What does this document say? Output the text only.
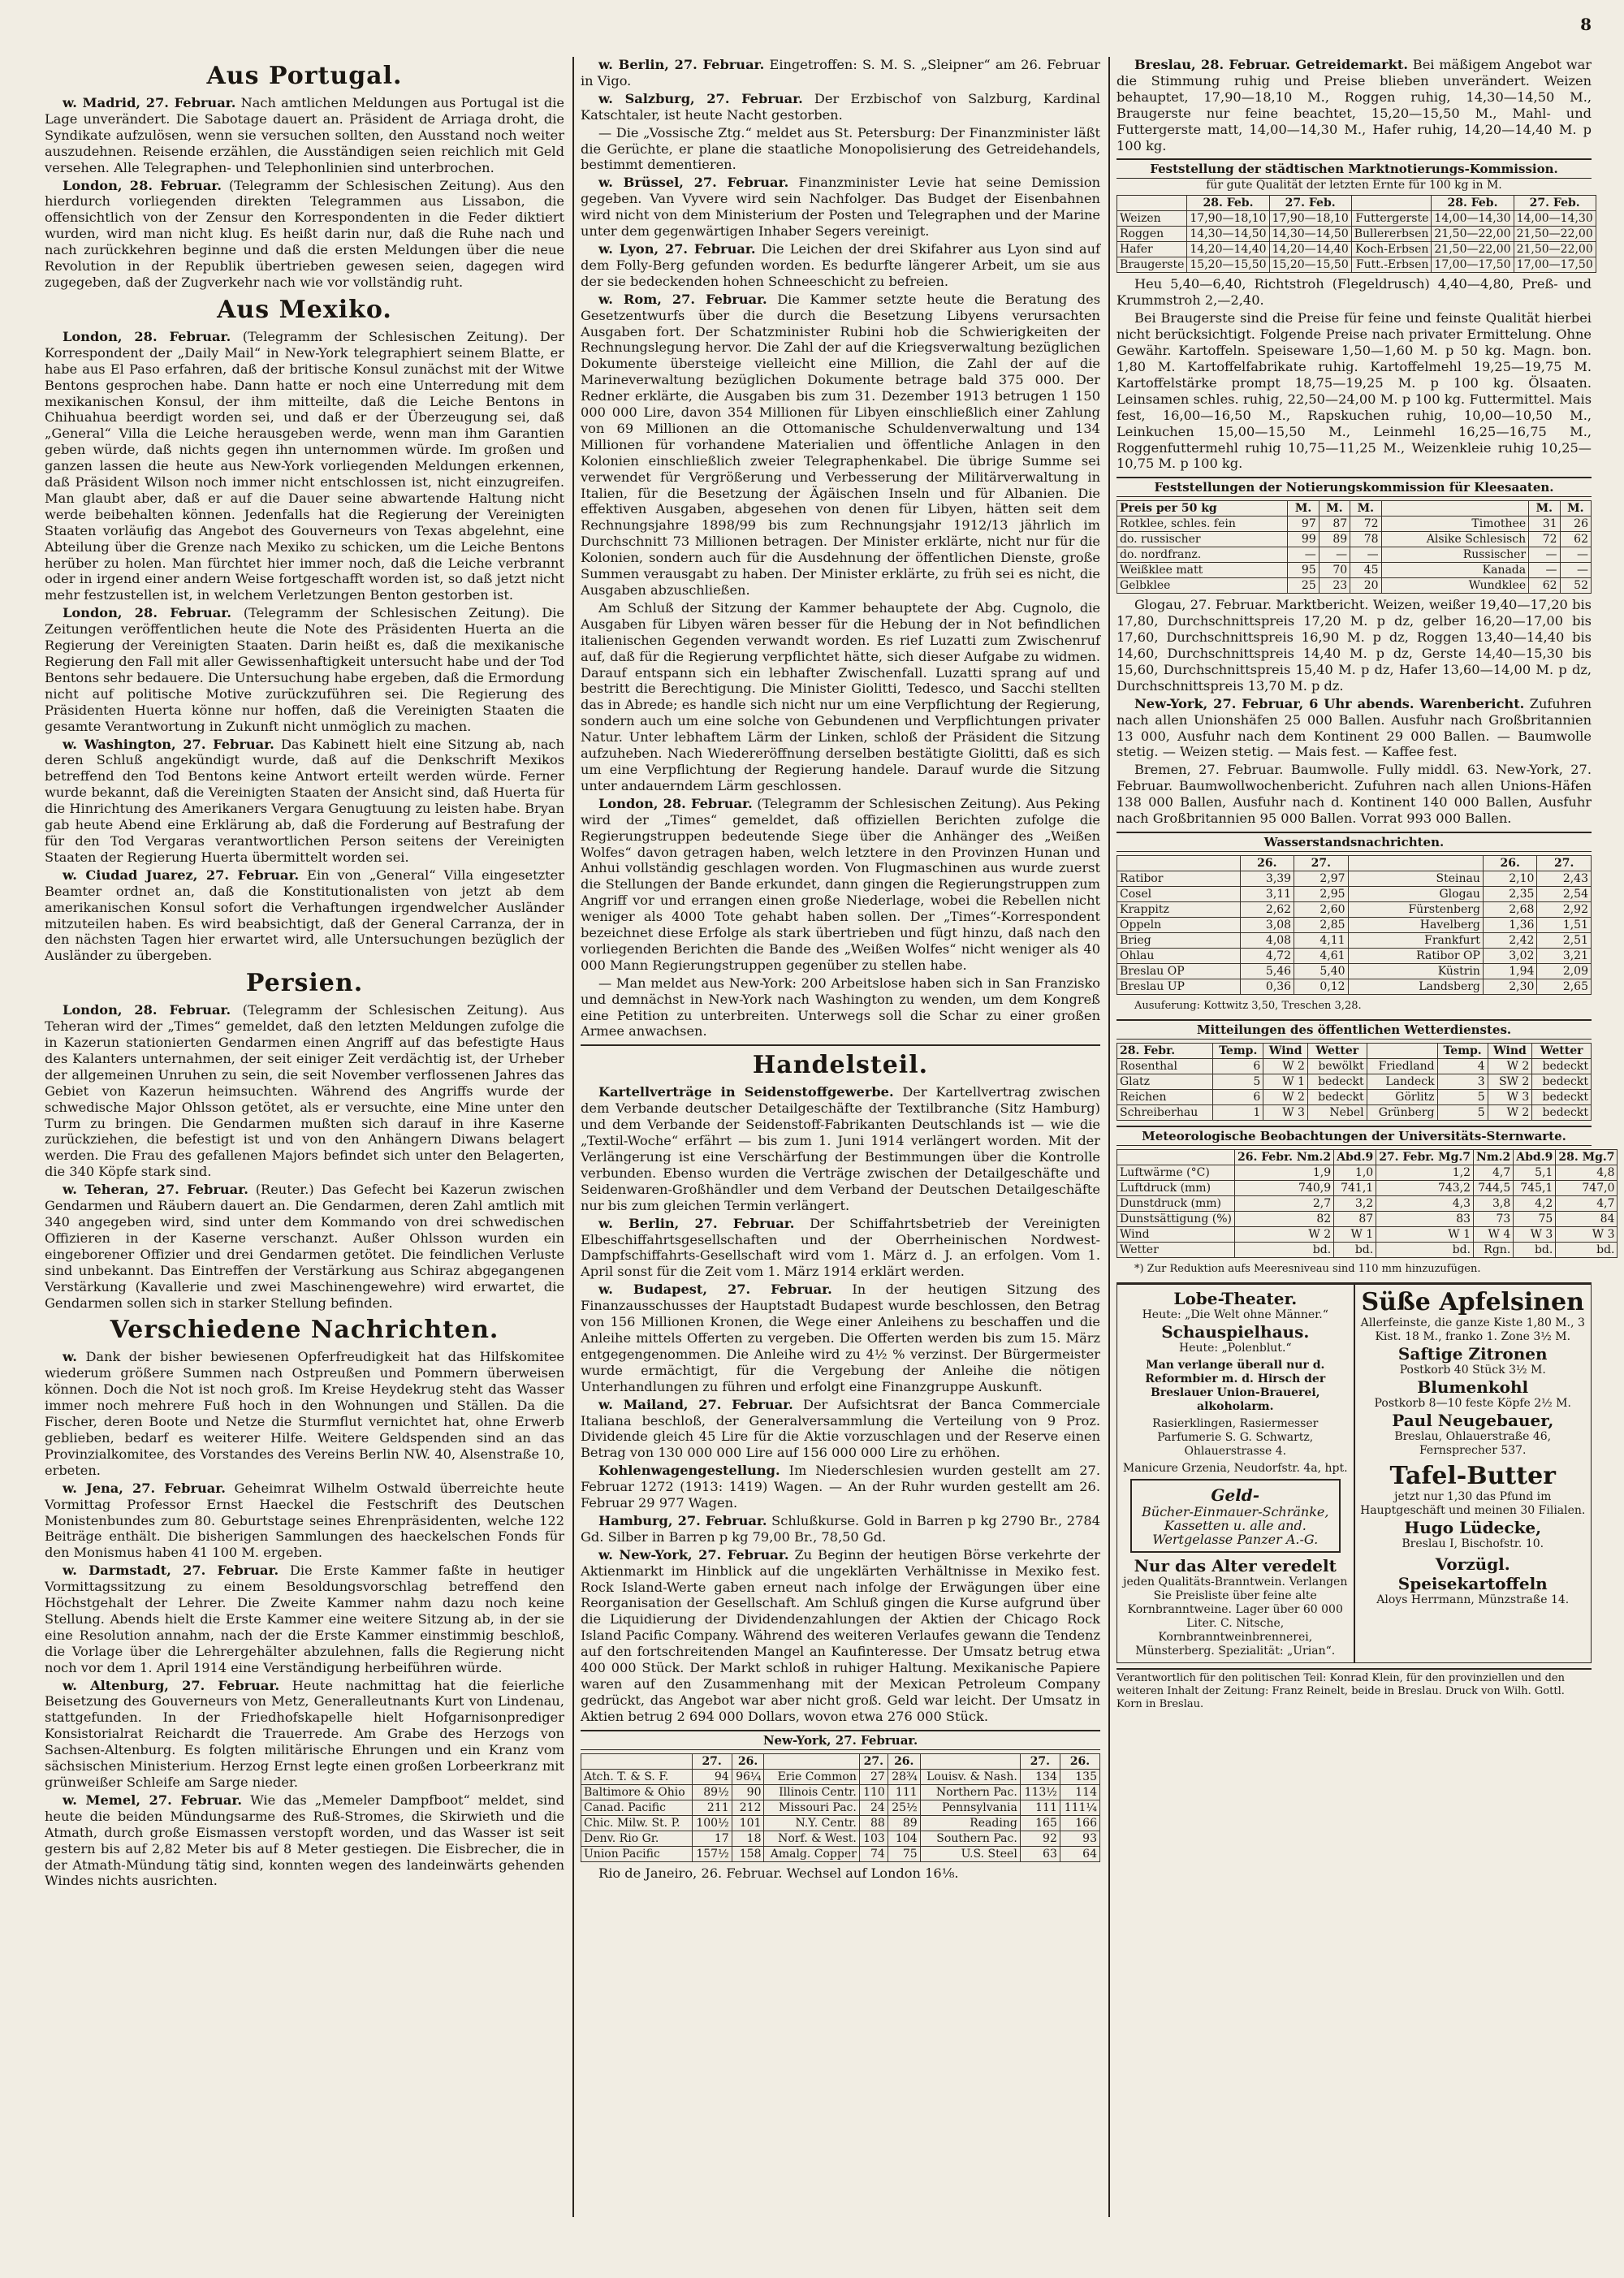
8
Aus Portugal.

w. Madrid, 27. Februar. Nach amtlichen Meldungen aus Portugal ist die Lage unverändert. Die Sabotage dauert an. Präsident de Arriaga droht, die Syndikate aufzulösen, wenn sie versuchen sollten, den Ausstand noch weiter auszudehnen. Reisende erzählen, die Ausständigen seien reichlich mit Geld versehen. Alle Telegraphen- und Telephonlinien sind unterbrochen.

London, 28. Februar. (Telegramm der Schlesischen Zeitung). Aus den hierdurch vorliegenden direkten Telegrammen aus Lissabon, die offensichtlich von der Zensur den Korrespondenten in die Feder diktiert wurden, wird man nicht klug. Es heißt darin nur, daß die Ruhe nach und nach zurückkehren beginne und daß die ersten Meldungen über die neue Revolution in der Republik übertrieben gewesen seien, dagegen wird zugegeben, daß der Zugverkehr nach wie vor vollständig ruht.

Aus Mexiko.

London, 28. Februar. (Telegramm der Schlesischen Zeitung). Der Korrespondent der „Daily Mail“ in New-York telegraphiert seinem Blatte, er habe aus El Paso erfahren, daß der britische Konsul zunächst mit der Witwe Bentons gesprochen habe. Dann hatte er noch eine Unterredung mit dem mexikanischen Konsul, der ihm mitteilte, daß die Leiche Bentons in Chihuahua beerdigt worden sei, und daß er der Überzeugung sei, daß „General“ Villa die Leiche herausgeben werde, wenn man ihm Garantien geben würde, daß nichts gegen ihn unternommen würde. Im großen und ganzen lassen die heute aus New-York vorliegenden Meldungen erkennen, daß Präsident Wilson noch immer nicht entschlossen ist, nicht einzugreifen. Man glaubt aber, daß er auf die Dauer seine abwartende Haltung nicht werde beibehalten können. Jedenfalls hat die Regierung der Vereinigten Staaten vorläufig das Angebot des Gouverneurs von Texas abgelehnt, eine Abteilung über die Grenze nach Mexiko zu schicken, um die Leiche Bentons herüber zu holen. Man fürchtet hier immer noch, daß die Leiche verbrannt oder in irgend einer andern Weise fortgeschafft worden ist, so daß jetzt nicht mehr festzustellen ist, in welchem Verletzungen Benton gestorben ist.

London, 28. Februar. (Telegramm der Schlesischen Zeitung). Die Zeitungen veröffentlichen heute die Note des Präsidenten Huerta an die Regierung der Vereinigten Staaten. Darin heißt es, daß die mexikanische Regierung den Fall mit aller Gewissenhaftigkeit untersucht habe und der Tod Bentons sehr bedauere. Die Untersuchung habe ergeben, daß die Ermordung nicht auf politische Motive zurückzuführen sei. Die Regierung des Präsidenten Huerta könne nur hoffen, daß die Vereinigten Staaten die gesamte Verantwortung in Zukunft nicht unmöglich zu machen.

w. Washington, 27. Februar. Das Kabinett hielt eine Sitzung ab, nach deren Schluß angekündigt wurde, daß auf die Denkschrift Mexikos betreffend den Tod Bentons keine Antwort erteilt werden würde. Ferner wurde bekannt, daß die Vereinigten Staaten der Ansicht sind, daß Huerta für die Hinrichtung des Amerikaners Vergara Genugtuung zu leisten habe. Bryan gab heute Abend eine Erklärung ab, daß die Forderung auf Bestrafung der für den Tod Vergaras verantwortlichen Person seitens der Vereinigten Staaten der Regierung Huerta übermittelt worden sei.

w. Ciudad Juarez, 27. Februar. Ein von „General“ Villa eingesetzter Beamter ordnet an, daß die Konstitutionalisten von jetzt ab dem amerikanischen Konsul sofort die Verhaftungen irgendwelcher Ausländer mitzuteilen haben. Es wird beabsichtigt, daß der General Carranza, der in den nächsten Tagen hier erwartet wird, alle Untersuchungen bezüglich der Ausländer zu übergeben.

Persien.

London, 28. Februar. (Telegramm der Schlesischen Zeitung). Aus Teheran wird der „Times“ gemeldet, daß den letzten Meldungen zufolge die in Kazerun stationierten Gendarmen einen Angriff auf das befestigte Haus des Kalanters unternahmen, der seit einiger Zeit verdächtig ist, der Urheber der allgemeinen Unruhen zu sein, die seit November verflossenen Jahres das Gebiet von Kazerun heimsuchten. Während des Angriffs wurde der schwedische Major Ohlsson getötet, als er versuchte, eine Mine unter den Turm zu bringen. Die Gendarmen mußten sich darauf in ihre Kaserne zurückziehen, die befestigt ist und von den Anhängern Diwans belagert werden. Die Frau des gefallenen Majors befindet sich unter den Belagerten, die 340 Köpfe stark sind.

w. Teheran, 27. Februar. (Reuter.) Das Gefecht bei Kazerun zwischen Gendarmen und Räubern dauert an. Die Gendarmen, deren Zahl amtlich mit 340 angegeben wird, sind unter dem Kommando von drei schwedischen Offizieren in der Kaserne verschanzt. Außer Ohlsson wurden ein eingeborener Offizier und drei Gendarmen getötet. Die feindlichen Verluste sind unbekannt. Das Eintreffen der Verstärkung aus Schiraz abgegangenen Verstärkung (Kavallerie und zwei Maschinengewehre) wird erwartet, die Gendarmen sollen sich in starker Stellung befinden.

Verschiedene Nachrichten.

w. Dank der bisher bewiesenen Opferfreudigkeit hat das Hilfskomitee wiederum größere Summen nach Ostpreußen und Pommern überweisen können. Doch die Not ist noch groß. Im Kreise Heydekrug steht das Wasser immer noch mehrere Fuß hoch in den Wohnungen und Ställen. Da die Fischer, deren Boote und Netze die Sturmflut vernichtet hat, ohne Erwerb geblieben, bedarf es weiterer Hilfe. Weitere Geldspenden sind an das Provinzialkomitee, des Vorstandes des Vereins Berlin NW. 40, Alsenstraße 10, erbeten.

w. Jena, 27. Februar. Geheimrat Wilhelm Ostwald überreichte heute Vormittag Professor Ernst Haeckel die Festschrift des Deutschen Monistenbundes zum 80. Geburtstage seines Ehrenpräsidenten, welche 122 Beiträge enthält. Die bisherigen Sammlungen des haeckelschen Fonds für den Monismus haben 41 100 M. ergeben.

w. Darmstadt, 27. Februar. Die Erste Kammer faßte in heutiger Vormittagssitzung zu einem Besoldungsvorschlag betreffend den Höchstgehalt der Lehrer. Die Zweite Kammer nahm dazu noch keine Stellung. Abends hielt die Erste Kammer eine weitere Sitzung ab, in der sie eine Resolution annahm, nach der die Erste Kammer einstimmig beschloß, die Vorlage über die Lehrergehälter abzulehnen, falls die Regierung nicht noch vor dem 1. April 1914 eine Verständigung herbeiführen würde.

w. Altenburg, 27. Februar. Heute nachmittag hat die feierliche Beisetzung des Gouverneurs von Metz, Generalleutnants Kurt von Lindenau, stattgefunden. In der Friedhofskapelle hielt Hofgarnisonprediger Konsistorialrat Reichardt die Trauerrede. Am Grabe des Herzogs von Sachsen-Altenburg. Es folgten militärische Ehrungen und ein Kranz vom sächsischen Ministerium. Herzog Ernst legte einen großen Lorbeerkranz mit grünweißer Schleife am Sarge nieder.

w. Memel, 27. Februar. Wie das „Memeler Dampfboot“ meldet, sind heute die beiden Mündungsarme des Ruß-Stromes, die Skirwieth und die Atmath, durch große Eismassen verstopft worden, und das Wasser ist seit gestern bis auf 2,82 Meter bis auf 8 Meter gestiegen. Die Eisbrecher, die in der Atmath-Mündung tätig sind, konnten wegen des landeinwärts gehenden Windes nichts ausrichten.

w. Berlin, 27. Februar. Eingetroffen: S. M. S. „Sleipner“ am 26. Februar in Vigo.

w. Salzburg, 27. Februar. Der Erzbischof von Salzburg, Kardinal Katschtaler, ist heute Nacht gestorben.

— Die „Vossische Ztg.“ meldet aus St. Petersburg: Der Finanzminister läßt die Gerüchte, er plane die staatliche Monopolisierung des Getreidehandels, bestimmt dementieren.

w. Brüssel, 27. Februar. Finanzminister Levie hat seine Demission gegeben. Van Vyvere wird sein Nachfolger. Das Budget der Eisenbahnen wird nicht von dem Ministerium der Posten und Telegraphen und der Marine unter dem gegenwärtigen Inhaber Segers vereinigt.

w. Lyon, 27. Februar. Die Leichen der drei Skifahrer aus Lyon sind auf dem Folly-Berg gefunden worden. Es bedurfte längerer Arbeit, um sie aus der sie bedeckenden hohen Schneeschicht zu befreien.

w. Rom, 27. Februar. Die Kammer setzte heute die Beratung des Gesetzentwurfs über die durch die Besetzung Libyens verursachten Ausgaben fort. Der Schatzminister Rubini hob die Schwierigkeiten der Rechnungslegung hervor. Die Zahl der auf die Kriegsverwaltung bezüglichen Dokumente übersteige vielleicht eine Million, die Zahl der auf die Marineverwaltung bezüglichen Dokumente betrage bald 375 000. Der Redner erklärte, die Ausgaben bis zum 31. Dezember 1913 betrugen 1 150 000 000 Lire, davon 354 Millionen für Libyen einschließlich einer Zahlung von 69 Millionen an die Ottomanische Schuldenverwaltung und 134 Millionen für vorhandene Materialien und öffentliche Anlagen in den Kolonien einschließlich zweier Telegraphenkabel. Die übrige Summe sei verwendet für Vergrößerung und Verbesserung der Militärverwaltung in Italien, für die Besetzung der Ägäischen Inseln und für Albanien. Die effektiven Ausgaben, abgesehen von denen für Libyen, hätten seit dem Rechnungsjahre 1898/99 bis zum Rechnungsjahr 1912/13 jährlich im Durchschnitt 73 Millionen betragen. Der Minister erklärte, nicht nur für die Kolonien, sondern auch für die Ausdehnung der öffentlichen Dienste, große Summen verausgabt zu haben. Der Minister erklärte, zu früh sei es nicht, die Ausgaben abzuschließen.

Am Schluß der Sitzung der Kammer behauptete der Abg. Cugnolo, die Ausgaben für Libyen wären besser für die Hebung der in Not befindlichen italienischen Gegenden verwandt worden. Es rief Luzatti zum Zwischenruf auf, daß für die Regierung verpflichtet hätte, sich dieser Aufgabe zu widmen. Darauf entspann sich ein lebhafter Zwischenfall. Luzatti sprang auf und bestritt die Berechtigung. Die Minister Giolitti, Tedesco, und Sacchi stellten das in Abrede; es handle sich nicht nur um eine Verpflichtung der Regierung, sondern auch um eine solche von Gebundenen und Verpflichtungen privater Natur. Unter lebhaftem Lärm der Linken, schloß der Präsident die Sitzung aufzuheben. Nach Wiedereröffnung derselben bestätigte Giolitti, daß es sich um eine Verpflichtung der Regierung handele. Darauf wurde die Sitzung unter andauerndem Lärm geschlossen.

London, 28. Februar. (Telegramm der Schlesischen Zeitung). Aus Peking wird der „Times“ gemeldet, daß offiziellen Berichten zufolge die Regierungstruppen bedeutende Siege über die Anhänger des „Weißen Wolfes“ davon getragen haben, welch letztere in den Provinzen Hunan und Anhui vollständig geschlagen worden. Von Flugmaschinen aus wurde zuerst die Stellungen der Bande erkundet, dann gingen die Regierungstruppen zum Angriff vor und errangen einen große Niederlage, wobei die Rebellen nicht weniger als 4000 Tote gehabt haben sollen. Der „Times“-Korrespondent bezeichnet diese Erfolge als stark übertrieben und fügt hinzu, daß nach den vorliegenden Berichten die Bande des „Weißen Wolfes“ nicht weniger als 40 000 Mann Regierungstruppen gegenüber zu stellen habe.

— Man meldet aus New-York: 200 Arbeitslose haben sich in San Franzisko und demnächst in New-York nach Washington zu wenden, um dem Kongreß eine Petition zu unterbreiten. Unterwegs soll die Schar zu einer großen Armee anwachsen.

Handelsteil.

Kartellverträge in Seidenstoffgewerbe. Der Kartellvertrag zwischen dem Verbande deutscher Detailgeschäfte der Textilbranche (Sitz Hamburg) und dem Verbande der Seidenstoff-Fabrikanten Deutschlands ist — wie die „Textil-Woche“ erfährt — bis zum 1. Juni 1914 verlängert worden. Mit der Verlängerung ist eine Verschärfung der Bestimmungen über die Kontrolle verbunden. Ebenso wurden die Verträge zwischen der Detailgeschäfte und Seidenwaren-Großhändler und dem Verband der Deutschen Detailgeschäfte nur bis zum gleichen Termin verlängert.

w. Berlin, 27. Februar. Der Schiffahrtsbetrieb der Vereinigten Elbeschiffahrtsgesellschaften und der Oberrheinischen Nordwest-Dampfschiffahrts-Gesellschaft wird vom 1. März d. J. an erfolgen. Vom 1. April sonst für die Zeit vom 1. März 1914 erklärt werden.

w. Budapest, 27. Februar. In der heutigen Sitzung des Finanzausschusses der Hauptstadt Budapest wurde beschlossen, den Betrag von 156 Millionen Kronen, die Wege einer Anleihens zu beschaffen und die Anleihe mittels Offerten zu vergeben. Die Offerten werden bis zum 15. März entgegengenommen. Die Anleihe wird zu 4½ % verzinst. Der Bürgermeister wurde ermächtigt, für die Vergebung der Anleihe die nötigen Unterhandlungen zu führen und erfolgt eine Finanzgruppe Auskunft.

w. Mailand, 27. Februar. Der Aufsichtsrat der Banca Commerciale Italiana beschloß, der Generalversammlung die Verteilung von 9 Proz. Dividende gleich 45 Lire für die Aktie vorzuschlagen und der Reserve einen Betrag von 130 000 000 Lire auf 156 000 000 Lire zu erhöhen.

Kohlenwagengestellung. Im Niederschlesien wurden gestellt am 27. Februar 1272 (1913: 1419) Wagen. — An der Ruhr wurden gestellt am 26. Februar 29 977 Wagen.

Hamburg, 27. Februar. Schlußkurse. Gold in Barren p kg 2790 Br., 2784 Gd. Silber in Barren p kg 79,00 Br., 78,50 Gd.

w. New-York, 27. Februar. Zu Beginn der heutigen Börse verkehrte der Aktienmarkt im Hinblick auf die ungeklärten Verhältnisse in Mexiko fest. Rock Island-Werte gaben erneut nach infolge der Erwägungen über eine Reorganisation der Gesellschaft. Am Schluß gingen die Kurse aufgrund über die Liquidierung der Dividendenzahlungen der Aktien der Chicago Rock Island Pacific Company. Während des weiteren Verlaufes gewann die Tendenz auf den fortschreitenden Mangel an Kaufinteresse. Der Umsatz betrug etwa 400 000 Stück. Der Markt schloß in ruhiger Haltung. Mexikanische Papiere waren auf den Zusammenhang mit der Mexican Petroleum Company gedrückt, das Angebot war aber nicht groß. Geld war leicht. Der Umsatz in Aktien betrug 2 694 000 Dollars, wovon etwa 276 000 Stück.

New-York, 27. Februar.
	27.	26.		27.	26.		27.	26.
Atch. T. & S. F.	94	96¼	Erie Common	27	28¾	Louisv. & Nash.	134	135
Baltimore & Ohio	89½	90	Illinois Centr.	110	111	Northern Pac.	113½	114
Canad. Pacific	211	212	Missouri Pac.	24	25½	Pennsylvania	111	111¼
Chic. Milw. St. P.	100½	101	N.Y. Centr.	88	89	Reading	165	166
Denv. Rio Gr.	17	18	Norf. & West.	103	104	Southern Pac.	92	93
Union Pacific	157½	158	Amalg. Copper	74	75	U.S. Steel	63	64

Rio de Janeiro, 26. Februar. Wechsel auf London 16⅛.

Breslau, 28. Februar. Getreidemarkt. Bei mäßigem Angebot war die Stimmung ruhig und Preise blieben unverändert. Weizen behauptet, 17,90—18,10 M., Roggen ruhig, 14,30—14,50 M., Braugerste nur feine beachtet, 15,20—15,50 M., Mahl- und Futtergerste matt, 14,00—14,30 M., Hafer ruhig, 14,20—14,40 M. p 100 kg.

Feststellung der städtischen Marktnotierungs-Kommission.
für gute Qualität der letzten Ernte für 100 kg in M.
	28. Feb.	27. Feb.		28. Feb.	27. Feb.
Weizen	17,90—18,10	17,90—18,10	Futtergerste	14,00—14,30	14,00—14,30
Roggen	14,30—14,50	14,30—14,50	Bullererbsen	21,50—22,00	21,50—22,00
Hafer	14,20—14,40	14,20—14,40	Koch-Erbsen	21,50—22,00	21,50—22,00
Braugerste	15,20—15,50	15,20—15,50	Futt.-Erbsen	17,00—17,50	17,00—17,50

Heu 5,40—6,40, Richtstroh (Flegeldrusch) 4,40—4,80, Preß- und Krummstroh 2,—2,40.

Bei Braugerste sind die Preise für feine und feinste Qualität hierbei nicht berücksichtigt. Folgende Preise nach privater Ermittelung. Ohne Gewähr. Kartoffeln. Speiseware 1,50—1,60 M. p 50 kg. Magn. bon. 1,80 M. Kartoffelfabrikate ruhig. Kartoffelmehl 19,25—19,75 M. Kartoffelstärke prompt 18,75—19,25 M. p 100 kg. Ölsaaten. Leinsamen schles. ruhig, 22,50—24,00 M. p 100 kg. Futtermittel. Mais fest, 16,00—16,50 M., Rapskuchen ruhig, 10,00—10,50 M., Leinkuchen 15,00—15,50 M., Leinmehl 16,25—16,75 M., Roggenfuttermehl ruhig 10,75—11,25 M., Weizenkleie ruhig 10,25—10,75 M. p 100 kg.

Feststellungen der Notierungskommission für Kleesaaten.
Preis per 50 kg	M.	M.	M.		M.	M.
Rotklee, schles. fein	97	87	72	Timothee	31	26
do. russischer	99	89	78	Alsike Schlesisch	72	62
do. nordfranz.	—	—	—	Russischer	—	—
Weißklee matt	95	70	45	Kanada	—	—
Gelbklee	25	23	20	Wundklee	62	52

Glogau, 27. Februar. Marktbericht. Weizen, weißer 19,40—17,20 bis 17,80, Durchschnittspreis 17,20 M. p dz, gelber 16,20—17,00 bis 17,60, Durchschnittspreis 16,90 M. p dz, Roggen 13,40—14,40 bis 14,60, Durchschnittspreis 14,40 M. p dz, Gerste 14,40—15,30 bis 15,60, Durchschnittspreis 15,40 M. p dz, Hafer 13,60—14,00 M. p dz, Durchschnittspreis 13,70 M. p dz.

New-York, 27. Februar, 6 Uhr abends. Warenbericht. Zufuhren nach allen Unionshäfen 25 000 Ballen. Ausfuhr nach Großbritannien 13 000, Ausfuhr nach dem Kontinent 29 000 Ballen. — Baumwolle stetig. — Weizen stetig. — Mais fest. — Kaffee fest.

Bremen, 27. Februar. Baumwolle. Fully middl. 63. New-York, 27. Februar. Baumwollwochenbericht. Zufuhren nach allen Unions-Häfen 138 000 Ballen, Ausfuhr nach d. Kontinent 140 000 Ballen, Ausfuhr nach Großbritannien 95 000 Ballen. Vorrat 993 000 Ballen.

Wasserstandsnachrichten.
	26.	27.		26.	27.
Ratibor	3,39	2,97	Steinau	2,10	2,43
Cosel	3,11	2,95	Glogau	2,35	2,54
Krappitz	2,62	2,60	Fürstenberg	2,68	2,92
Oppeln	3,08	2,85	Havelberg	1,36	1,51
Brieg	4,08	4,11	Frankfurt	2,42	2,51
Ohlau	4,72	4,61	Ratibor OP	3,02	3,21
Breslau OP	5,46	5,40	Küstrin	1,94	2,09
Breslau UP	0,36	0,12	Landsberg	2,30	2,65

Ausuferung: Kottwitz 3,50, Treschen 3,28.

Mitteilungen des öffentlichen Wetterdienstes.
28. Febr.	Temp.	Wind	Wetter		Temp.	Wind	Wetter
Rosenthal	6	W 2	bewölkt	Friedland	4	W 2	bedeckt
Glatz	5	W 1	bedeckt	Landeck	3	SW 2	bedeckt
Reichen	6	W 2	bedeckt	Görlitz	5	W 3	bedeckt
Schreiberhau	1	W 3	Nebel	Grünberg	5	W 2	bedeckt
Meteorologische Beobachtungen der Universitäts-Sternwarte.
	26. Febr. Nm.2	Abd.9	27. Febr. Mg.7	Nm.2	Abd.9	28. Mg.7
Luftwärme (°C)	1,9	1,0	1,2	4,7	5,1	4,8
Luftdruck (mm)	740,9	741,1	743,2	744,5	745,1	747,0
Dunstdruck (mm)	2,7	3,2	4,3	3,8	4,2	4,7
Dunstsättigung (%)	82	87	83	73	75	84
Wind	W 2	W 1	W 1	W 4	W 3	W 3
Wetter	bd.	bd.	bd.	Rgn.	bd.	bd.

*) Zur Reduktion aufs Meeresniveau sind 110 mm hinzuzufügen.

Lobe-Theater.
Heute: „Die Welt ohne Männer.“
Schauspielhaus.
Heute: „Polenblut.“
Man verlange überall nur d. Reformbier m. d. Hirsch der Breslauer Union-Brauerei, alkoholarm.
Rasierklingen, Rasiermesser Parfumerie S. G. Schwartz, Ohlauerstrasse 4.
Manicure Grzenia, Neudorfstr. 4a, hpt.
Geld-
Bücher-Einmauer-Schränke, Kassetten u. alle and. Wertgelasse Panzer A.-G.
Nur das Alter veredelt
jeden Qualitäts-Branntwein. Verlangen Sie Preisliste über feine alte Kornbranntweine. Lager über 60 000 Liter. C. Nitsche, Kornbranntweinbrennerei, Münsterberg. Spezialität: „Urian“.
Süße Apfelsinen
Allerfeinste, die ganze Kiste 1,80 M., 3 Kist. 18 M., franko 1. Zone 3½ M.
Saftige Zitronen
Postkorb 40 Stück 3½ M.
Blumenkohl
Postkorb 8—10 feste Köpfe 2½ M.
Paul Neugebauer,
Breslau, Ohlauerstraße 46, Fernsprecher 537.
Tafel-Butter
jetzt nur 1,30 das Pfund im Hauptgeschäft und meinen 30 Filialen.
Hugo Lüdecke,
Breslau I, Bischofstr. 10.
Vorzügl. Speisekartoffeln
Aloys Herrmann, Münzstraße 14.
Verantwortlich für den politischen Teil: Konrad Klein, für den provinziellen und den weiteren Inhalt der Zeitung: Franz Reinelt, beide in Breslau. Druck von Wilh. Gottl. Korn in Breslau.
